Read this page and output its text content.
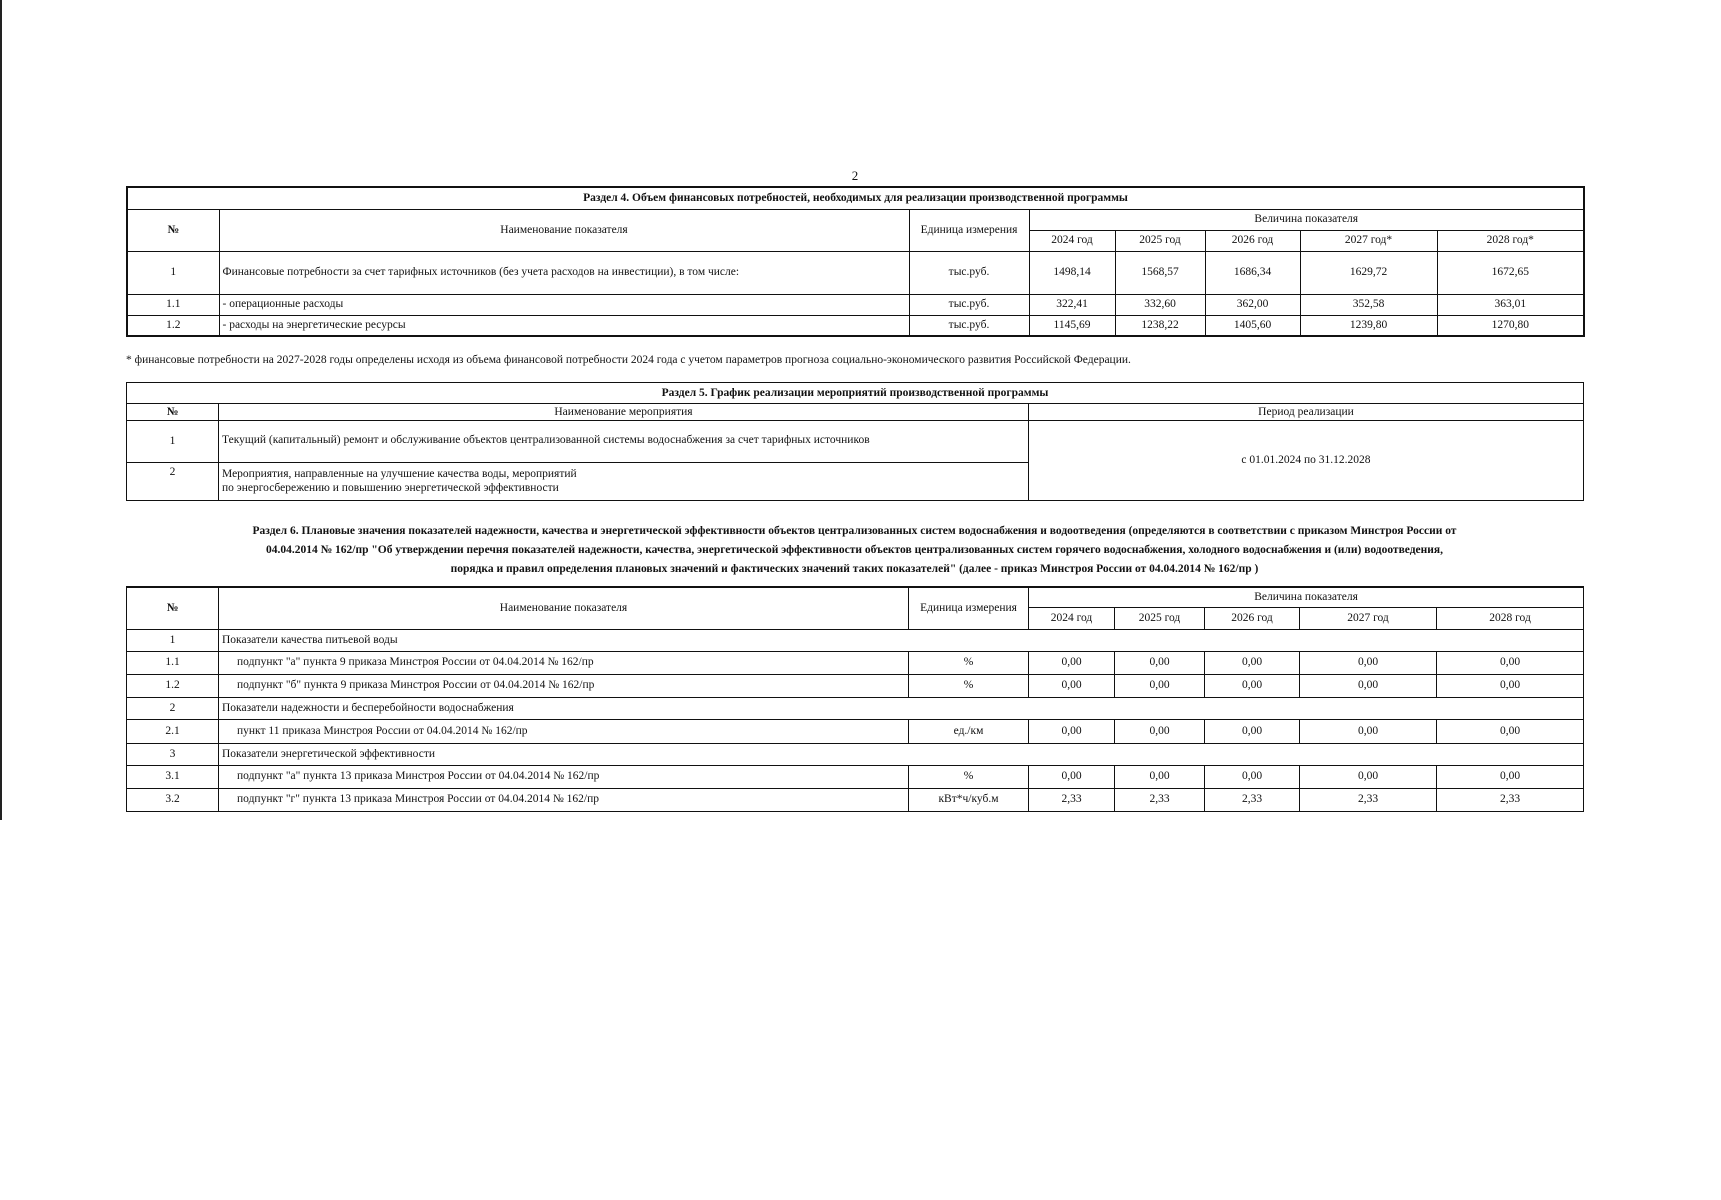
2
Раздел 4. Объем финансовых потребностей, необходимых для реализации производственной программы							
№	Наименование показателя	Единица измерения	Величина показателя				
			2024 год	2025 год	2026 год	2027 год*	2028 год*
1	Финансовые потребности за счет тарифных источников (без учета расходов на инвестиции), в том числе:	тыс.руб.	1498,14	1568,57	1686,34	1629,72	1672,65
1.1	- операционные расходы	тыс.руб.	322,41	332,60	362,00	352,58	363,01
1.2	- расходы на энергетические ресурсы	тыс.руб.	1145,69	1238,22	1405,60	1239,80	1270,80
* финансовые потребности на 2027-2028 годы определены исходя из объема финансовой потребности 2024 года с учетом параметров прогноза социально-экономического развития Российской Федерации.
Раздел 5. График реализации мероприятий производственной программы		
№	Наименование мероприятия	Период реализации
1	Текущий (капитальный) ремонт и обслуживание объектов централизованной системы водоснабжения за счет тарифных источников	с 01.01.2024 по 31.12.2028
2	Мероприятия, направленные на улучшение качества воды, мероприятий
по энергосбережению и повышению энергетической эффективности	
Раздел 6. Плановые значения показателей надежности, качества и энергетической эффективности объектов централизованных систем водоснабжения и водоотведения (определяются в соответствии с приказом Минстроя России от
04.04.2014 № 162/пр "Об утверждении перечня показателей надежности, качества, энергетической эффективности объектов централизованных систем горячего водоснабжения, холодного водоснабжения и (или) водоотведения,
порядка и правил определения плановых значений и фактических значений таких показателей" (далее - приказ Минстроя России от 04.04.2014 № 162/пр )
№	Наименование показателя	Единица измерения	Величина показателя				
			2024 год	2025 год	2026 год	2027 год	2028 год
1	Показатели качества питьевой воды						
1.1	подпункт "а" пункта 9 приказа Минстроя России от 04.04.2014 № 162/пр	%	0,00	0,00	0,00	0,00	0,00
1.2	подпункт "б" пункта 9 приказа Минстроя России от 04.04.2014 № 162/пр	%	0,00	0,00	0,00	0,00	0,00
2	Показатели надежности и бесперебойности водоснабжения						
2.1	пункт 11 приказа Минстроя России от 04.04.2014 № 162/пр	ед./км	0,00	0,00	0,00	0,00	0,00
3	Показатели энергетической эффективности						
3.1	подпункт "а" пункта 13 приказа Минстроя России от 04.04.2014 № 162/пр	%	0,00	0,00	0,00	0,00	0,00
3.2	подпункт "г" пункта 13 приказа Минстроя России от 04.04.2014 № 162/пр	кВт*ч/куб.м	2,33	2,33	2,33	2,33	2,33
